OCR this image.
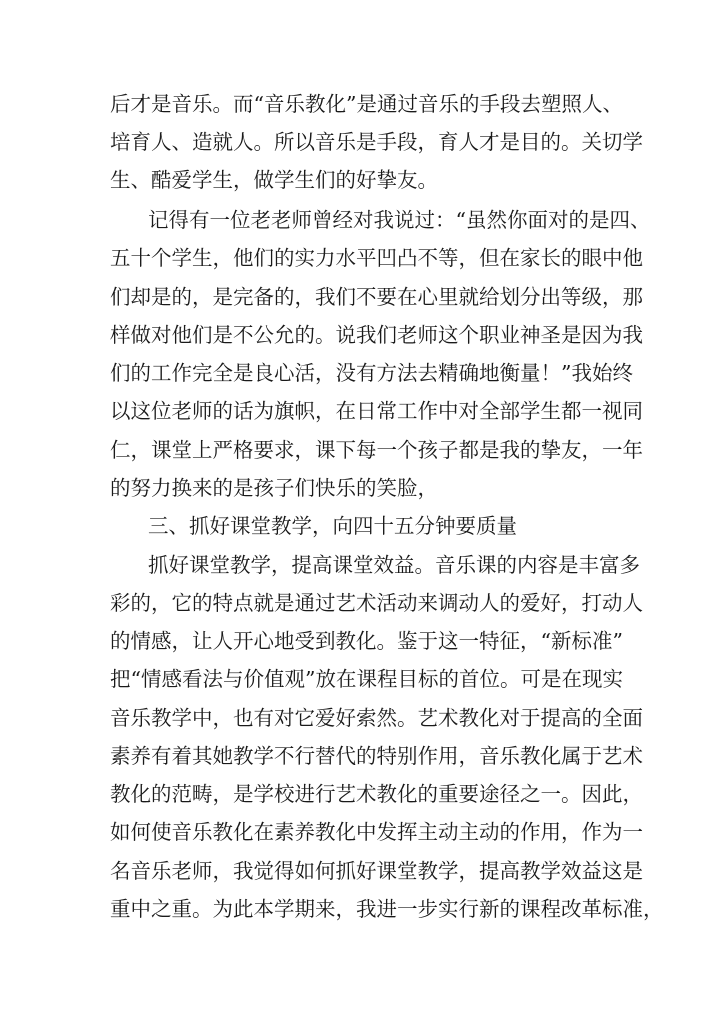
后才是音乐。而“音乐教化”是通过音乐的手段去塑照人、

培育人、造就人。所以音乐是手段，育人才是目的。关切学

生、酷爱学生，做学生们的好挚友。

记得有一位老老师曾经对我说过：“虽然你面对的是四、

五十个学生，他们的实力水平凹凸不等，但在家长的眼中他

们却是的，是完备的，我们不要在心里就给划分出等级，那

样做对他们是不公允的。说我们老师这个职业神圣是因为我

们的工作完全是良心活，没有方法去精确地衡量！”我始终

以这位老师的话为旗帜，在日常工作中对全部学生都一视同

仁，课堂上严格要求，课下每一个孩子都是我的挚友，一年

的努力换来的是孩子们快乐的笑脸，

三、抓好课堂教学，向四十五分钟要质量

抓好课堂教学，提高课堂效益。音乐课的内容是丰富多

彩的，它的特点就是通过艺术活动来调动人的爱好，打动人

的情感，让人开心地受到教化。鉴于这一特征，“新标准”

把“情感看法与价值观”放在课程目标的首位。可是在现实

音乐教学中，也有对它爱好索然。艺术教化对于提高的全面

素养有着其她教学不行替代的特别作用，音乐教化属于艺术

教化的范畴，是学校进行艺术教化的重要途径之一。因此，

如何使音乐教化在素养教化中发挥主动主动的作用，作为一

名音乐老师，我觉得如何抓好课堂教学，提高教学效益这是

重中之重。为此本学期来，我进一步实行新的课程改革标准，
